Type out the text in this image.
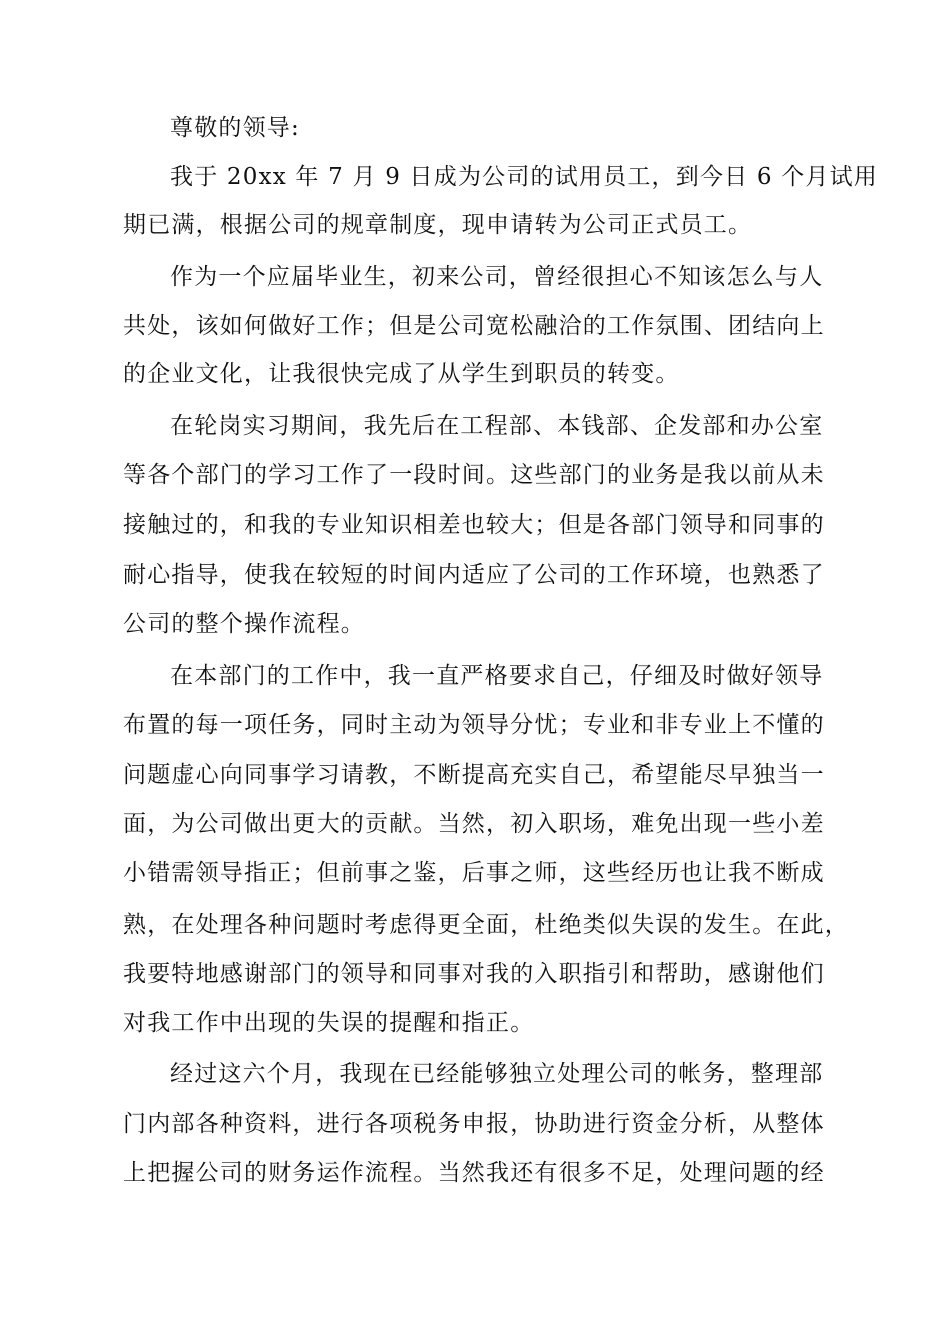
尊敬的领导:
我于 20xx 年 7 月 9 日成为公司的试用员工，到今日 6 个月试用
期已满，根据公司的规章制度，现申请转为公司正式员工。
作为一个应届毕业生，初来公司，曾经很担心不知该怎么与人
共处，该如何做好工作；但是公司宽松融洽的工作氛围、团结向上
的企业文化，让我很快完成了从学生到职员的转变。
在轮岗实习期间，我先后在工程部、本钱部、企发部和办公室
等各个部门的学习工作了一段时间。这些部门的业务是我以前从未
接触过的，和我的专业知识相差也较大；但是各部门领导和同事的
耐心指导，使我在较短的时间内适应了公司的工作环境，也熟悉了
公司的整个操作流程。
在本部门的工作中，我一直严格要求自己，仔细及时做好领导
布置的每一项任务，同时主动为领导分忧；专业和非专业上不懂的
问题虚心向同事学习请教，不断提高充实自己，希望能尽早独当一
面，为公司做出更大的贡献。当然，初入职场，难免出现一些小差
小错需领导指正；但前事之鉴，后事之师，这些经历也让我不断成
熟，在处理各种问题时考虑得更全面，杜绝类似失误的发生。在此，
我要特地感谢部门的领导和同事对我的入职指引和帮助，感谢他们
对我工作中出现的失误的提醒和指正。
经过这六个月，我现在已经能够独立处理公司的帐务，整理部
门内部各种资料，进行各项税务申报，协助进行资金分析，从整体
上把握公司的财务运作流程。当然我还有很多不足，处理问题的经
